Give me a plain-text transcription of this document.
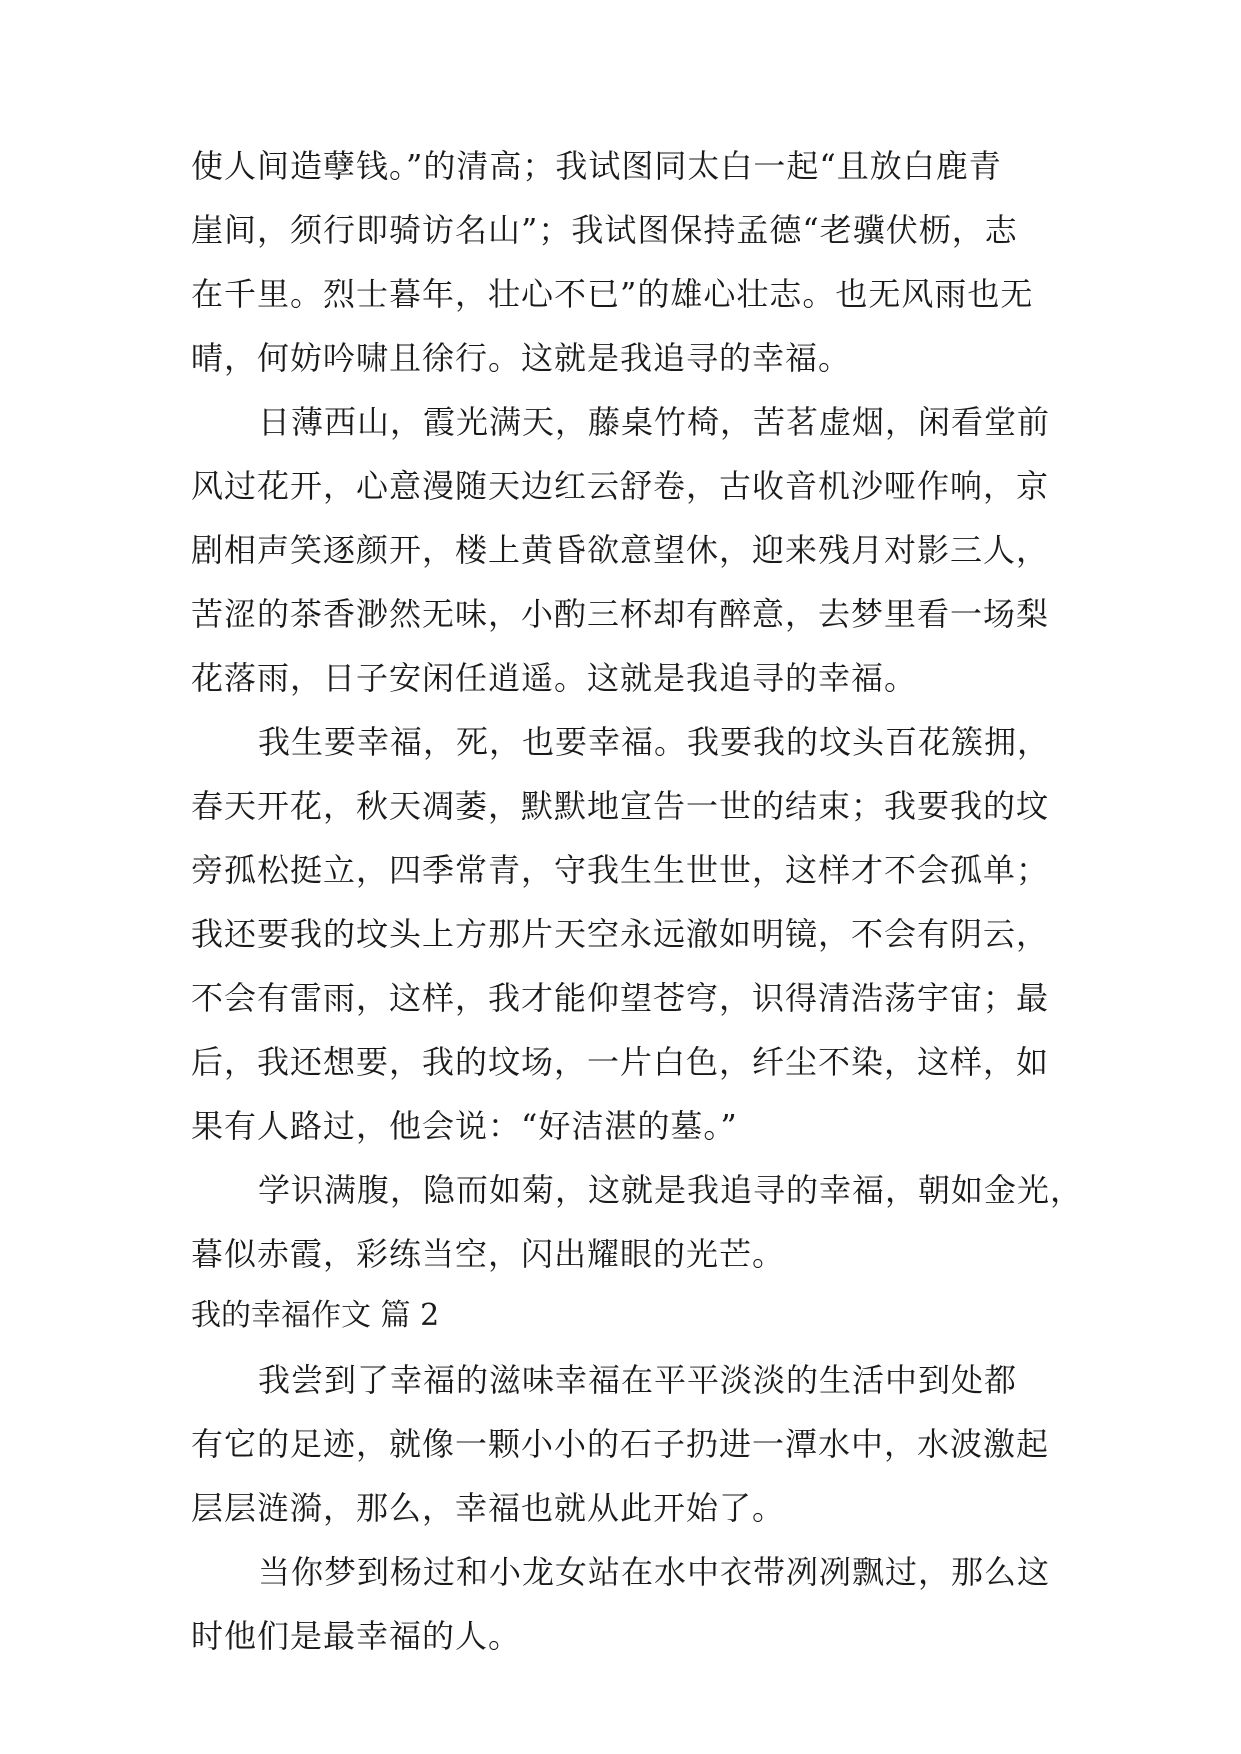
使人间造孽钱。”的清高；我试图同太白一起“且放白鹿青
崖间，须行即骑访名山”；我试图保持孟德“老骥伏枥，志
在千里。烈士暮年，壮心不已”的雄心壮志。也无风雨也无
晴，何妨吟啸且徐行。这就是我追寻的幸福。
日薄西山，霞光满天，藤桌竹椅，苦茗虚烟，闲看堂前
风过花开，心意漫随天边红云舒卷，古收音机沙哑作响，京
剧相声笑逐颜开，楼上黄昏欲意望休，迎来残月对影三人，
苦涩的茶香渺然无味，小酌三杯却有醉意，去梦里看一场梨
花落雨，日子安闲任逍遥。这就是我追寻的幸福。
我生要幸福，死，也要幸福。我要我的坟头百花簇拥，
春天开花，秋天凋萎，默默地宣告一世的结束；我要我的坟
旁孤松挺立，四季常青，守我生生世世，这样才不会孤单；
我还要我的坟头上方那片天空永远澈如明镜，不会有阴云，
不会有雷雨，这样，我才能仰望苍穹，识得清浩荡宇宙；最
后，我还想要，我的坟场，一片白色，纤尘不染，这样，如
果有人路过，他会说：“好洁湛的墓。”
学识满腹，隐而如菊，这就是我追寻的幸福，朝如金光，
暮似赤霞，彩练当空，闪出耀眼的光芒。
我的幸福作文 篇 2
我尝到了幸福的滋味幸福在平平淡淡的生活中到处都
有它的足迹，就像一颗小小的石子扔进一潭水中，水波激起
层层涟漪，那么，幸福也就从此开始了。
当你梦到杨过和小龙女站在水中衣带冽冽飘过，那么这
时他们是最幸福的人。
